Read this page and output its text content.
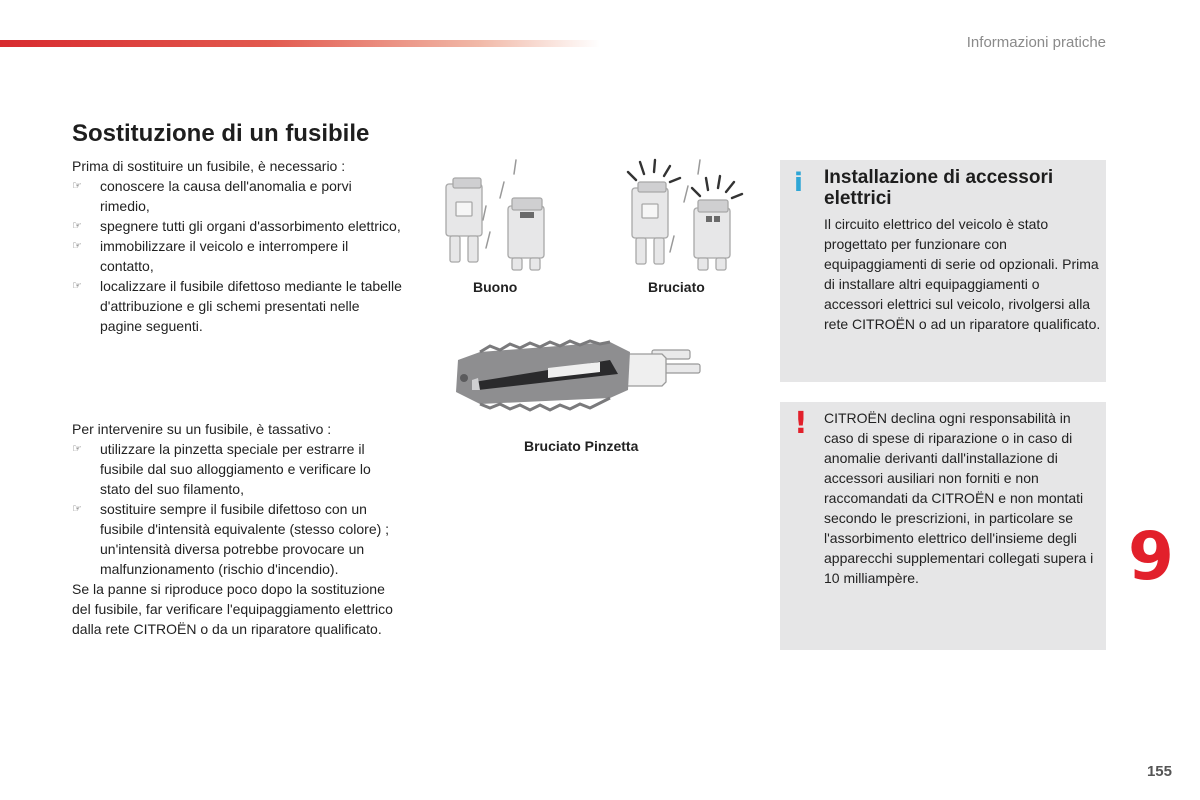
Informazioni pratiche
Sostituzione di un fusibile

Prima di sostituire un fusibile, è necessario :

☞ conoscere la causa dell'anomalia e porvi rimedio,
☞ spegnere tutti gli organi d'assorbimento elettrico,
☞ immobilizzare il veicolo e interrompere il contatto,
☞ localizzare il fusibile difettoso mediante le tabelle d'attribuzione e gli schemi presentati nelle pagine seguenti.

Per intervenire su un fusibile, è tassativo :

☞ utilizzare la pinzetta speciale per estrarre il fusibile dal suo alloggiamento e verificare lo stato del suo filamento,
☞ sostituire sempre il fusibile difettoso con un fusibile d'intensità equivalente (stesso colore) ; un'intensità diversa potrebbe provocare un malfunzionamento (rischio d'incendio).

Se la panne si riproduce poco dopo la sostituzione del fusibile, far verificare l'equipaggiamento elettrico dalla rete CITROËN o da un riparatore qualificato.

Buono	Bruciato
Bruciato Pinzetta
i Installazione di accessori elettrici

Il circuito elettrico del veicolo è stato progettato per funzionare con equipaggiamenti di serie od opzionali. Prima di installare altri equipaggiamenti o accessori elettrici sul veicolo, rivolgersi alla rete CITROËN o ad un riparatore qualificato.

! CITROËN declina ogni responsabilità in caso di spese di riparazione o in caso di anomalie derivanti dall'installazione di accessori ausiliari non forniti e non raccomandati da CITROËN e non montati secondo le prescrizioni, in particolare se l'assorbimento elettrico dell'insieme degli apparecchi supplementari collegati supera i 10 milliampère.	9
155
